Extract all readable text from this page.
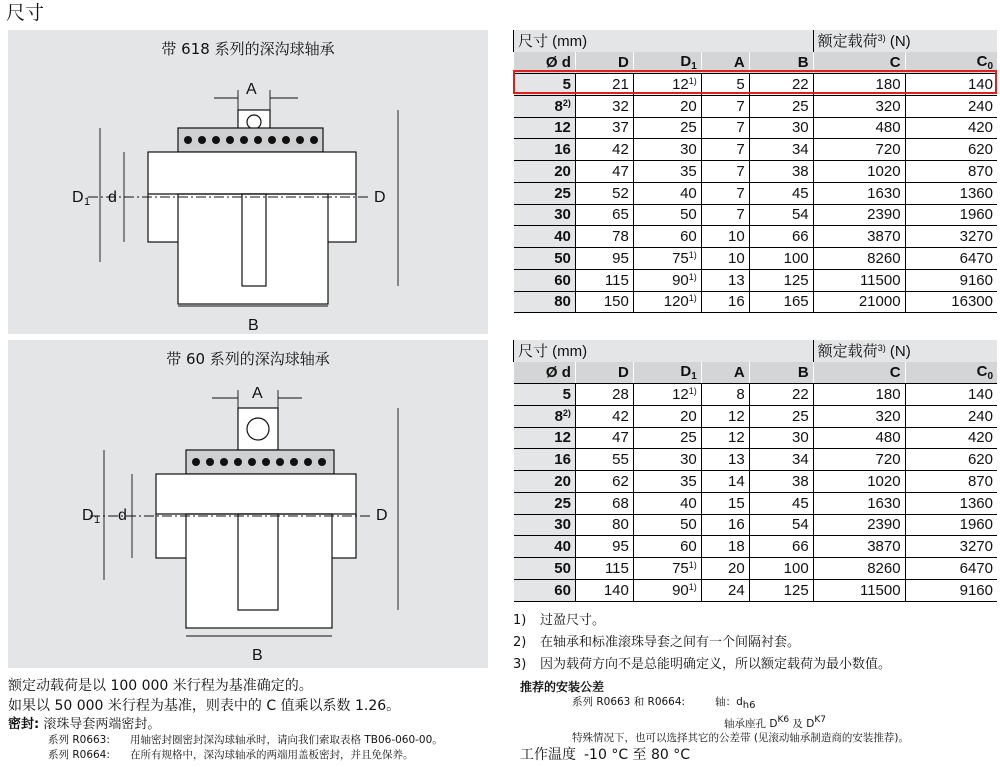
尺寸
带 618 系列的深沟球轴承
A
B
D
d
D 1
带 60 系列的深沟球轴承
A
B
D
d
D 1
尺寸 (mm)					额定载荷$^{3)}$ (N)	
Ø d	D	$D_1$	A	B	C	$C_0$
5	21	12$^{1)}$	5	22	180	140
8$^{2)}$	32	20	7	25	320	240
12	37	25	7	30	480	420
16	42	30	7	34	720	620
20	47	35	7	38	1020	870
25	52	40	7	45	1630	1360
30	65	50	7	54	2390	1960
40	78	60	10	66	3870	3270
50	95	75$^{1)}$	10	100	8260	6470
60	115	90$^{1)}$	13	125	11500	9160
80	150	120$^{1)}$	16	165	21000	16300
尺寸 (mm)					额定载荷$^{3)}$ (N)	
Ø d	D	$D_1$	A	B	C	$C_0$
5	28	12$^{1)}$	8	22	180	140
8$^{2)}$	42	20	12	25	320	240
12	47	25	12	30	480	420
16	55	30	13	34	720	620
20	62	35	14	38	1020	870
25	68	40	15	45	1630	1360
30	80	50	16	54	2390	1960
40	95	60	18	66	3870	3270
50	115	75$^{1)}$	20	100	8260	6470
60	140	90$^{1)}$	24	125	11500	9160
1) 过盈尺寸。
2) 在轴承和标准滚珠导套之间有一个间隔衬套。
3) 因为载荷方向不是总能明确定义，所以额定载荷为最小数值。
推荐的安装公差
系列 R0663 和 R0664:	轴：$d_{h6}$
轴承座孔 D$^{K6}$ 及 D$^{K7}$
特殊情况下，也可以选择其它的公差带 (见滚动轴承制造商的安装推荐)。
工作温度 -10 °C 至 80 °C
额定动载荷是以 100 000 米行程为基准确定的。
如果以 50 000 米行程为基准，则表中的 C 值乘以系数 1.26。
密封: 滚珠导套两端密封。
系列 R0663: 用轴密封圈密封深沟球轴承时，请向我们索取表格 TB06-060-00。
系列 R0664: 在所有规格中，深沟球轴承的两端用盖板密封，并且免保养。
